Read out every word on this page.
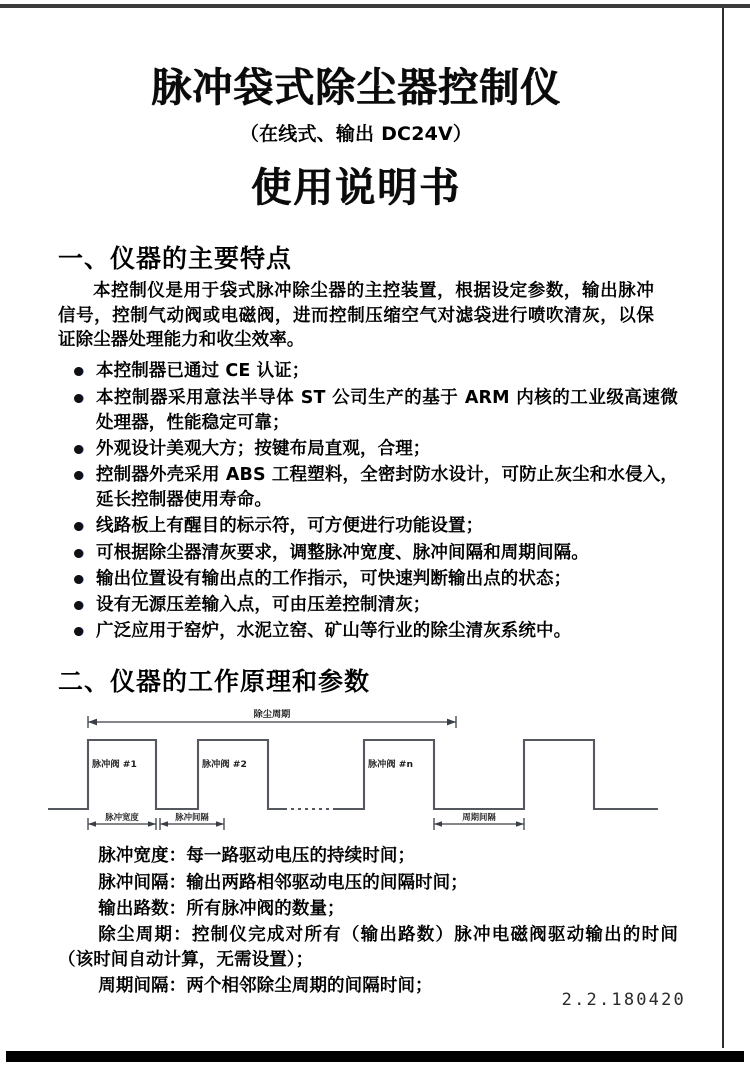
脉冲袋式除尘器控制仪
（在线式、输出 DC24V）
使用说明书
一、仪器的主要特点

本控制仪是用于袋式脉冲除尘器的主控装置，根据设定参数，输出脉冲信号，控制气动阀或电磁阀，进而控制压缩空气对滤袋进行喷吹清灰，以保证除尘器处理能力和收尘效率。

本控制器已通过 CE 认证；
本控制器采用意法半导体 ST 公司生产的基于 ARM 内核的工业级高速微处理器，性能稳定可靠；
外观设计美观大方；按键布局直观，合理；
控制器外壳采用 ABS 工程塑料，全密封防水设计，可防止灰尘和水侵入，延长控制器使用寿命。
线路板上有醒目的标示符，可方便进行功能设置；
可根据除尘器清灰要求，调整脉冲宽度、脉冲间隔和周期间隔。
输出位置设有输出点的工作指示，可快速判断输出点的状态；
设有无源压差输入点，可由压差控制清灰；
广泛应用于窑炉，水泥立窑、矿山等行业的除尘清灰系统中。
二、仪器的工作原理和参数
除尘周期
脉冲阀 #1	脉冲阀 #2	脉冲阀 #n
脉冲宽度	脉冲间隔	周期间隔
脉冲宽度：每一路驱动电压的持续时间；
脉冲间隔：输出两路相邻驱动电压的间隔时间；
输出路数：所有脉冲阀的数量；
除尘周期：控制仪完成对所有（输出路数）脉冲电磁阀驱动输出的时间（该时间自动计算，无需设置）；
周期间隔：两个相邻除尘周期的间隔时间；
2.2.180420
